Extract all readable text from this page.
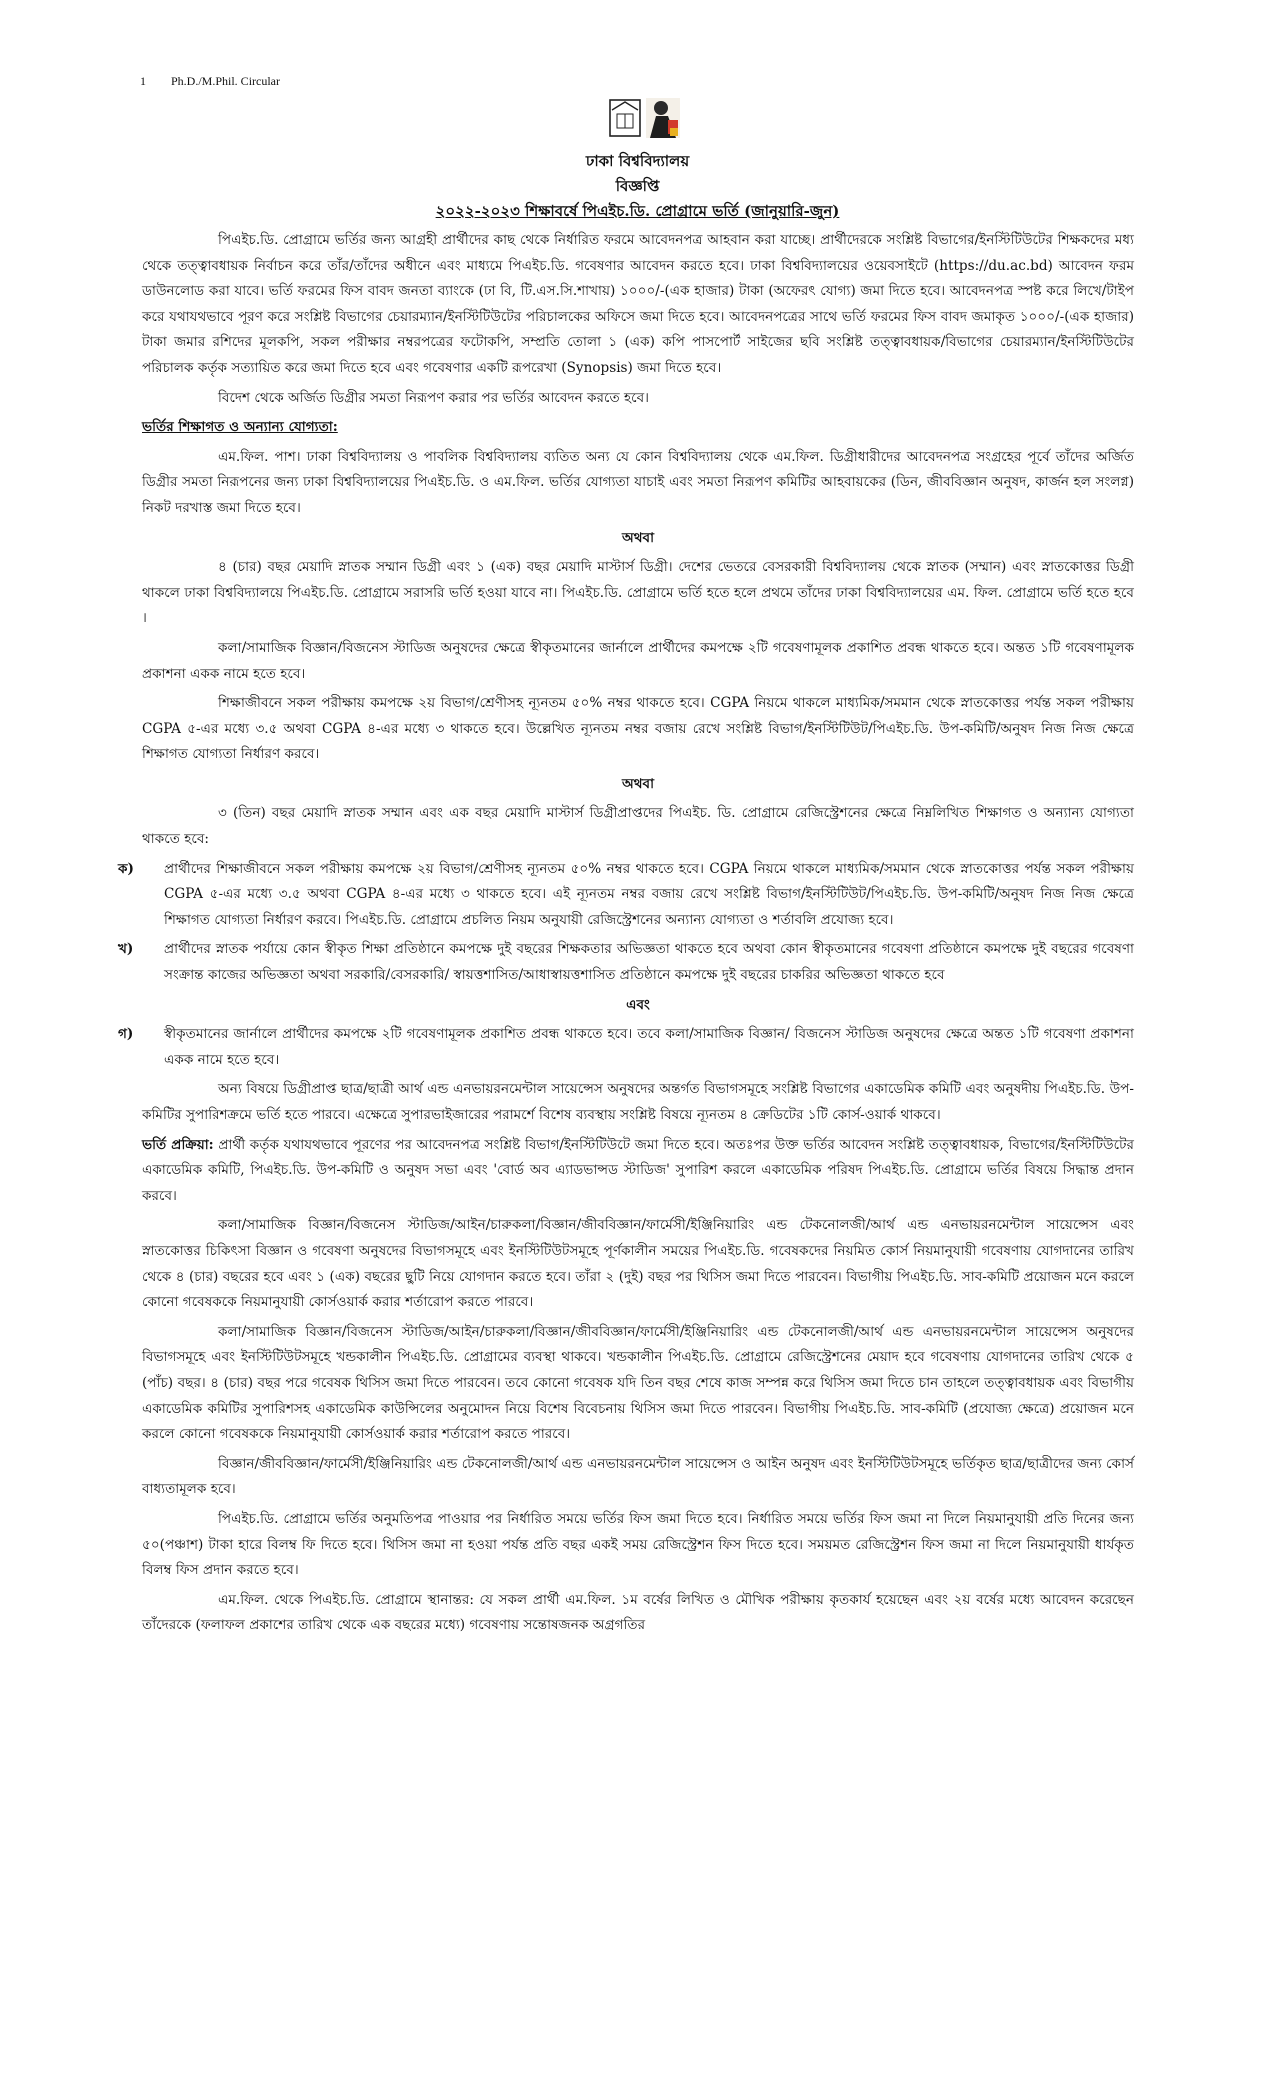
1 Ph.D./M.Phil. Circular
ঢাকা বিশ্ববিদ্যালয়
বিজ্ঞপ্তি
২০২২-২০২৩ শিক্ষাবর্ষে পিএইচ.ডি. প্রোগ্রামে ভর্তি (জানুয়ারি-জুন)

পিএইচ.ডি. প্রোগ্রামে ভর্তির জন্য আগ্রহী প্রার্থীদের কাছ থেকে নির্ধারিত ফরমে আবেদনপত্র আহবান করা যাচ্ছে। প্রার্থীদেরকে সংশ্লিষ্ট বিভাগের/ইনস্টিটিউটের শিক্ষকদের মধ্য থেকে তত্ত্বাবধায়ক নির্বাচন করে তাঁর/তাঁদের অধীনে এবং মাধ্যমে পিএইচ.ডি. গবেষণার আবেদন করতে হবে। ঢাকা বিশ্ববিদ্যালয়ের ওয়েবসাইটে (https://du.ac.bd) আবেদন ফরম ডাউনলোড করা যাবে। ভর্তি ফরমের ফিস বাবদ জনতা ব্যাংকে (ঢা বি, টি.এস.সি.শাখায়) ১০০০/-(এক হাজার) টাকা (অফেরৎ যোগ্য) জমা দিতে হবে। আবেদনপত্র স্পষ্ট করে লিখে/টাইপ করে যথাযথভাবে পূরণ করে সংশ্লিষ্ট বিভাগের চেয়ারম্যান/ইনস্টিটিউটের পরিচালকের অফিসে জমা দিতে হবে। আবেদনপত্রের সাথে ভর্তি ফরমের ফিস বাবদ জমাকৃত ১০০০/-(এক হাজার) টাকা জমার রশিদের মূলকপি, সকল পরীক্ষার নম্বরপত্রের ফটোকপি, সম্প্রতি তোলা ১ (এক) কপি পাসপোর্ট সাইজের ছবি সংশ্লিষ্ট তত্ত্বাবধায়ক/বিভাগের চেয়ারম্যান/ইনস্টিটিউটের পরিচালক কর্তৃক সত্যায়িত করে জমা দিতে হবে এবং গবেষণার একটি রূপরেখা (Synopsis) জমা দিতে হবে।

বিদেশ থেকে অর্জিত ডিগ্রীর সমতা নিরূপণ করার পর ভর্তির আবেদন করতে হবে।

ভর্তির শিক্ষাগত ও অন্যান্য যোগ্যতা:

এম.ফিল. পাশ। ঢাকা বিশ্ববিদ্যালয় ও পাবলিক বিশ্ববিদ্যালয় ব্যতিত অন্য যে কোন বিশ্ববিদ্যালয় থেকে এম.ফিল. ডিগ্রীধারীদের আবেদনপত্র সংগ্রহের পূর্বে তাঁদের অর্জিত ডিগ্রীর সমতা নিরূপনের জন্য ঢাকা বিশ্ববিদ্যালয়ের পিএইচ.ডি. ও এম.ফিল. ভর্তির যোগ্যতা যাচাই এবং সমতা নিরূপণ কমিটির আহবায়কের (ডিন, জীববিজ্ঞান অনুষদ, কার্জন হল সংলগ্ন) নিকট দরখাস্ত জমা দিতে হবে।

অথবা

৪ (চার) বছর মেয়াদি স্নাতক সম্মান ডিগ্রী এবং ১ (এক) বছর মেয়াদি মাস্টার্স ডিগ্রী। দেশের ভেতরে বেসরকারী বিশ্ববিদ্যালয় থেকে স্নাতক (সম্মান) এবং স্নাতকোত্তর ডিগ্রী থাকলে ঢাকা বিশ্ববিদ্যালয়ে পিএইচ.ডি. প্রোগ্রামে সরাসরি ভর্তি হওয়া যাবে না। পিএইচ.ডি. প্রোগ্রামে ভর্তি হতে হলে প্রথমে তাঁদের ঢাকা বিশ্ববিদ্যালয়ের এম. ফিল. প্রোগ্রামে ভর্তি হতে হবে ।

কলা/সামাজিক বিজ্ঞান/বিজনেস স্টাডিজ অনুষদের ক্ষেত্রে স্বীকৃতমানের জার্নালে প্রার্থীদের কমপক্ষে ২টি গবেষণামূলক প্রকাশিত প্রবন্ধ থাকতে হবে। অন্তত ১টি গবেষণামূলক প্রকাশনা একক নামে হতে হবে।

শিক্ষাজীবনে সকল পরীক্ষায় কমপক্ষে ২য় বিভাগ/শ্রেণীসহ ন্যূনতম ৫০% নম্বর থাকতে হবে। CGPA নিয়মে থাকলে মাধ্যমিক/সমমান থেকে স্নাতকোত্তর পর্যন্ত সকল পরীক্ষায় CGPA ৫-এর মধ্যে ৩.৫ অথবা CGPA ৪-এর মধ্যে ৩ থাকতে হবে। উল্লেখিত ন্যূনতম নম্বর বজায় রেখে সংশ্লিষ্ট বিভাগ/ইনস্টিটিউট/পিএইচ.ডি. উপ-কমিটি/অনুষদ নিজ নিজ ক্ষেত্রে শিক্ষাগত যোগ্যতা নির্ধারণ করবে।

অথবা

৩ (তিন) বছর মেয়াদি স্নাতক সম্মান এবং এক বছর মেয়াদি মাস্টার্স ডিগ্রীপ্রাপ্তদের পিএইচ. ডি. প্রোগ্রামে রেজিস্ট্রেশনের ক্ষেত্রে নিম্নলিখিত শিক্ষাগত ও অন্যান্য যোগ্যতা থাকতে হবে:

ক)	প্রার্থীদের শিক্ষাজীবনে সকল পরীক্ষায় কমপক্ষে ২য় বিভাগ/শ্রেণীসহ ন্যূনতম ৫০% নম্বর থাকতে হবে। CGPA নিয়মে থাকলে মাধ্যমিক/সমমান থেকে স্নাতকোত্তর পর্যন্ত সকল পরীক্ষায় CGPA ৫-এর মধ্যে ৩.৫ অথবা CGPA ৪-এর মধ্যে ৩ থাকতে হবে। এই ন্যূনতম নম্বর বজায় রেখে সংশ্লিষ্ট বিভাগ/ইনস্টিটিউট/পিএইচ.ডি. উপ-কমিটি/অনুষদ নিজ নিজ ক্ষেত্রে শিক্ষাগত যোগ্যতা নির্ধারণ করবে। পিএইচ.ডি. প্রোগ্রামে প্রচলিত নিয়ম অনুযায়ী রেজিস্ট্রেশনের অন্যান্য যোগ্যতা ও শর্তাবলি প্রযোজ্য হবে।
খ)	প্রার্থীদের স্নাতক পর্যায়ে কোন স্বীকৃত শিক্ষা প্রতিষ্ঠানে কমপক্ষে দুই বছরের শিক্ষকতার অভিজ্ঞতা থাকতে হবে অথবা কোন স্বীকৃতমানের গবেষণা প্রতিষ্ঠানে কমপক্ষে দুই বছরের গবেষণা সংক্রান্ত কাজের অভিজ্ঞতা অথবা সরকারি/বেসরকারি/ স্বায়ত্তশাসিত/আধাস্বায়ত্তশাসিত প্রতিষ্ঠানে কমপক্ষে দুই বছরের চাকরির অভিজ্ঞতা থাকতে হবে

এবং

গ)	স্বীকৃতমানের জার্নালে প্রার্থীদের কমপক্ষে ২টি গবেষণামূলক প্রকাশিত প্রবন্ধ থাকতে হবে। তবে কলা/সামাজিক বিজ্ঞান/ বিজনেস স্টাডিজ অনুষদের ক্ষেত্রে অন্তত ১টি গবেষণা প্রকাশনা একক নামে হতে হবে।

অন্য বিষয়ে ডিগ্রীপ্রাপ্ত ছাত্র/ছাত্রী আর্থ এন্ড এনভায়রনমেন্টাল সায়েন্সেস অনুষদের অন্তর্গত বিভাগসমূহে সংশ্লিষ্ট বিভাগের একাডেমিক কমিটি এবং অনুষদীয় পিএইচ.ডি. উপ-কমিটির সুপারিশক্রমে ভর্তি হতে পারবে। এক্ষেত্রে সুপারভাইজারের পরামর্শে বিশেষ ব্যবস্থায় সংশ্লিষ্ট বিষয়ে ন্যূনতম ৪ ক্রেডিটের ১টি কোর্স-ওয়ার্ক থাকবে।

ভর্তি প্রক্রিয়া: প্রার্থী কর্তৃক যথাযথভাবে পূরণের পর আবেদনপত্র সংশ্লিষ্ট বিভাগ/ইনস্টিটিউটে জমা দিতে হবে। অতঃপর উক্ত ভর্তির আবেদন সংশ্লিষ্ট তত্ত্বাবধায়ক, বিভাগের/ইনস্টিটিউটের একাডেমিক কমিটি, পিএইচ.ডি. উপ-কমিটি ও অনুষদ সভা এবং 'বোর্ড অব এ্যাডভান্সড স্টাডিজ' সুপারিশ করলে একাডেমিক পরিষদ পিএইচ.ডি. প্রোগ্রামে ভর্তির বিষয়ে সিদ্ধান্ত প্রদান করবে।

কলা/সামাজিক বিজ্ঞান/বিজনেস স্টাডিজ/আইন/চারুকলা/বিজ্ঞান/জীববিজ্ঞান/ফার্মেসী/ইঞ্জিনিয়ারিং এন্ড টেকনোলজী/আর্থ এন্ড এনভায়রনমেন্টাল সায়েন্সেস এবং স্নাতকোত্তর চিকিৎসা বিজ্ঞান ও গবেষণা অনুষদের বিভাগসমূহে এবং ইনস্টিটিউটসমূহে পূর্ণকালীন সময়ের পিএইচ.ডি. গবেষকদের নিয়মিত কোর্স নিয়মানুযায়ী গবেষণায় যোগদানের তারিখ থেকে ৪ (চার) বছরের হবে এবং ১ (এক) বছরের ছুটি নিয়ে যোগদান করতে হবে। তাঁরা ২ (দুই) বছর পর থিসিস জমা দিতে পারবেন। বিভাগীয় পিএইচ.ডি. সাব-কমিটি প্রয়োজন মনে করলে কোনো গবেষককে নিয়মানুযায়ী কোর্সওয়ার্ক করার শর্তারোপ করতে পারবে।

কলা/সামাজিক বিজ্ঞান/বিজনেস স্টাডিজ/আইন/চারুকলা/বিজ্ঞান/জীববিজ্ঞান/ফার্মেসী/ইঞ্জিনিয়ারিং এন্ড টেকনোলজী/আর্থ এন্ড এনভায়রনমেন্টাল সায়েন্সেস অনুষদের বিভাগসমূহে এবং ইনস্টিটিউটসমূহে খন্ডকালীন পিএইচ.ডি. প্রোগ্রামের ব্যবস্থা থাকবে। খন্ডকালীন পিএইচ.ডি. প্রোগ্রামে রেজিস্ট্রেশনের মেয়াদ হবে গবেষণায় যোগদানের তারিখ থেকে ৫ (পাঁচ) বছর। ৪ (চার) বছর পরে গবেষক থিসিস জমা দিতে পারবেন। তবে কোনো গবেষক যদি তিন বছর শেষে কাজ সম্পন্ন করে থিসিস জমা দিতে চান তাহলে তত্ত্বাবধায়ক এবং বিভাগীয় একাডেমিক কমিটির সুপারিশসহ একাডেমিক কাউন্সিলের অনুমোদন নিয়ে বিশেষ বিবেচনায় থিসিস জমা দিতে পারবেন। বিভাগীয় পিএইচ.ডি. সাব-কমিটি (প্রযোজ্য ক্ষেত্রে) প্রয়োজন মনে করলে কোনো গবেষককে নিয়মানুযায়ী কোর্সওয়ার্ক করার শর্তারোপ করতে পারবে।

বিজ্ঞান/জীববিজ্ঞান/ফার্মেসী/ইঞ্জিনিয়ারিং এন্ড টেকনোলজী/আর্থ এন্ড এনভায়রনমেন্টাল সায়েন্সেস ও আইন অনুষদ এবং ইনস্টিটিউটসমূহে ভর্তিকৃত ছাত্র/ছাত্রীদের জন্য কোর্স বাধ্যতামূলক হবে।

পিএইচ.ডি. প্রোগ্রামে ভর্তির অনুমতিপত্র পাওয়ার পর নির্ধারিত সময়ে ভর্তির ফিস জমা দিতে হবে। নির্ধারিত সময়ে ভর্তির ফিস জমা না দিলে নিয়মানুযায়ী প্রতি দিনের জন্য ৫০(পঞ্চাশ) টাকা হারে বিলম্ব ফি দিতে হবে। থিসিস জমা না হওয়া পর্যন্ত প্রতি বছর একই সময় রেজিস্ট্রেশন ফিস দিতে হবে। সময়মত রেজিস্ট্রেশন ফিস জমা না দিলে নিয়মানুযায়ী ধার্যকৃত বিলম্ব ফিস প্রদান করতে হবে।

এম.ফিল. থেকে পিএইচ.ডি. প্রোগ্রামে স্থানান্তর: যে সকল প্রার্থী এম.ফিল. ১ম বর্ষের লিখিত ও মৌখিক পরীক্ষায় কৃতকার্য হয়েছেন এবং ২য় বর্ষের মধ্যে আবেদন করেছেন তাঁদেরকে (ফলাফল প্রকাশের তারিখ থেকে এক বছরের মধ্যে) গবেষণায় সন্তোষজনক অগ্রগতির
